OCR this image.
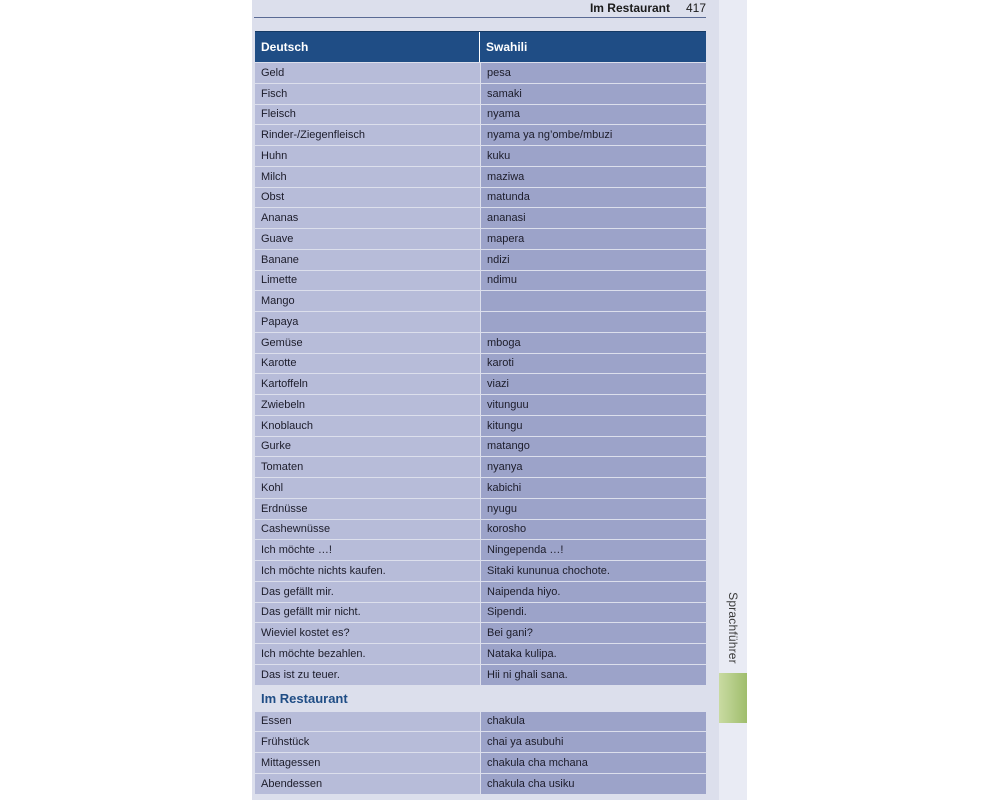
Sprachführer
Im Restaurant 417
Deutsch	Swahili
Geld	pesa
Fisch	samaki
Fleisch	nyama
Rinder-/Ziegenfleisch	nyama ya ng’ombe/mbuzi
Huhn	kuku
Milch	maziwa
Obst	matunda
Ananas	ananasi
Guave	mapera
Banane	ndizi
Limette	ndimu
Mango
Papaya
Gemüse	mboga
Karotte	karoti
Kartoffeln	viazi
Zwiebeln	vitunguu
Knoblauch	kitungu
Gurke	matango
Tomaten	nyanya
Kohl	kabichi
Erdnüsse	nyugu
Cashewnüsse	korosho
Ich möchte …!	Ningependa …!
Ich möchte nichts kaufen.	Sitaki kununua chochote.
Das gefällt mir.	Naipenda hiyo.
Das gefällt mir nicht.	Sipendi.
Wieviel kostet es?	Bei gani?
Ich möchte bezahlen.	Nataka kulipa.
Das ist zu teuer.	Hii ni ghali sana.
Im Restaurant
Essen	chakula
Frühstück	chai ya asubuhi
Mittagessen	chakula cha mchana
Abendessen	chakula cha usiku
